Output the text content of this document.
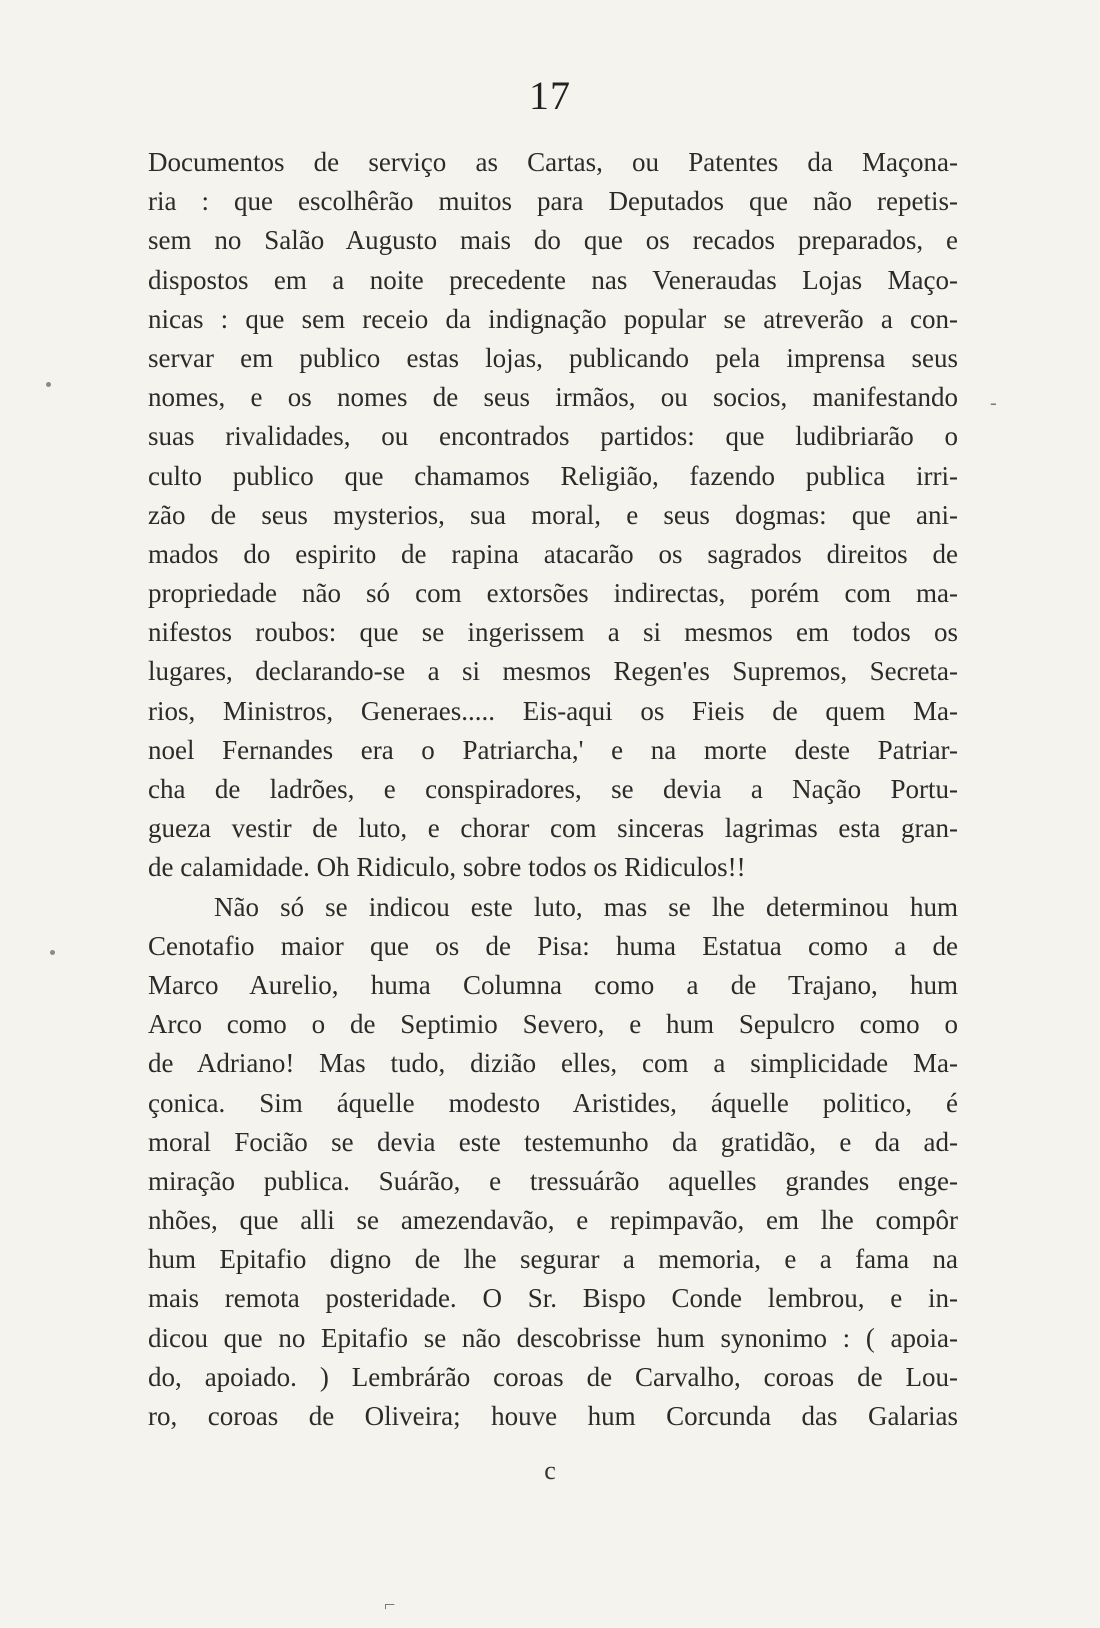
17
Documentos de serviço as Cartas, ou Patentes da Maçona-
ria : que escolhêrão muitos para Deputados que não repetis-
sem no Salão Augusto mais do que os recados preparados, e
dispostos em a noite precedente nas Veneraudas Lojas Maço-
nicas : que sem receio da indignação popular se atreverão a con-
servar em publico estas lojas, publicando pela imprensa seus
nomes, e os nomes de seus irmãos, ou socios, manifestando
suas rivalidades, ou encontrados partidos: que ludibriarão o
culto publico que chamamos Religião, fazendo publica irri-
zão de seus mysterios, sua moral, e seus dogmas: que ani-
mados do espirito de rapina atacarão os sagrados direitos de
propriedade não só com extorsões indirectas, porém com ma-
nifestos roubos: que se ingerissem a si mesmos em todos os
lugares, declarando-se a si mesmos Regen'es Supremos, Secreta-
rios, Ministros, Generaes..... Eis-aqui os Fieis de quem Ma-
noel Fernandes era o Patriarcha,' e na morte deste Patriar-
cha de ladrões, e conspiradores, se devia a Nação Portu-
gueza vestir de luto, e chorar com sinceras lagrimas esta gran-
de calamidade. Oh Ridiculo, sobre todos os Ridiculos!!
Não só se indicou este luto, mas se lhe determinou hum
Cenotafio maior que os de Pisa: huma Estatua como a de
Marco Aurelio, huma Columna como a de Trajano, hum
Arco como o de Septimio Severo, e hum Sepulcro como o
de Adriano! Mas tudo, dizião elles, com a simplicidade Ma-
çonica. Sim áquelle modesto Aristides, áquelle politico, é
moral Focião se devia este testemunho da gratidão, e da ad-
miração publica. Suárão, e tressuárão aquelles grandes enge-
nhões, que alli se amezendavão, e repimpavão, em lhe compôr
hum Epitafio digno de lhe segurar a memoria, e a fama na
mais remota posteridade. O Sr. Bispo Conde lembrou, e in-
dicou que no Epitafio se não descobrisse hum synonimo : ( apoia-
do, apoiado. ) Lembrárão coroas de Carvalho, coroas de Lou-
ro, coroas de Oliveira; houve hum Corcunda das Galarias
c
-
⌐
